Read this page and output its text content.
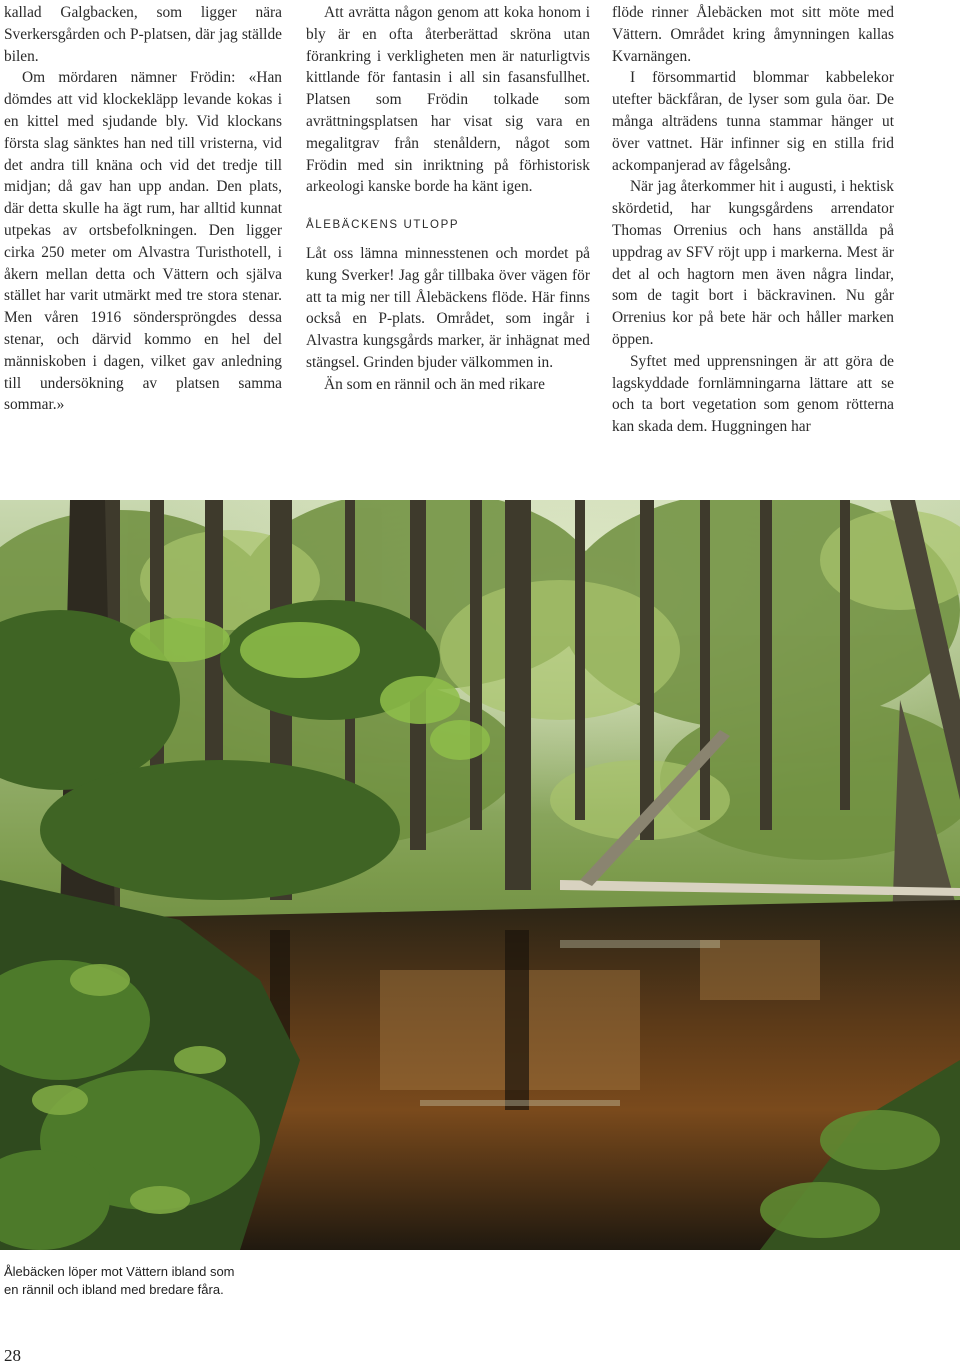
kallad Galgbacken, som ligger nära Sverkersgården och P-platsen, där jag ställde bilen.

Om mördaren nämner Frödin: «Han dömdes att vid klockekläpp levande kokas i en kittel med sjudande bly. Vid klockans första slag sänktes han ned till vristerna, vid det andra till knäna och vid det tredje till midjan; då gav han upp andan. Den plats, där detta skulle ha ägt rum, har alltid kunnat utpekas av ortsbefolkningen. Den ligger cirka 250 meter om Alvastra Turisthotell, i åkern mellan detta och Vättern och själva stället har varit utmärkt med tre stora stenar. Men våren 1916 sönderspröngdes dessa stenar, och därvid kommo en hel del människoben i dagen, vilket gav anledning till undersökning av platsen samma sommar.»

Att avrätta någon genom att koka honom i bly är en ofta återberättad skröna utan förankring i verkligheten men är naturligtvis kittlande för fantasin i all sin fasansfullhet. Platsen som Frödin tolkade som avrättningsplatsen har visat sig vara en megalitgrav från stenåldern, något som Frödin med sin inriktning på förhistorisk arkeologi kanske borde ha känt igen.

ÅLEBÄCKENS UTLOPP

Låt oss lämna minnesstenen och mordet på kung Sverker! Jag går tillbaka över vägen för att ta mig ner till Ålebäckens flöde. Här finns också en P-plats. Området, som ingår i Alvastra kungsgårds marker, är inhägnat med stängsel. Grinden bjuder välkommen in.

Än som en rännil och än med rikare

flöde rinner Ålebäcken mot sitt möte med Vättern. Området kring åmynningen kallas Kvarnängen.

I försommartid blommar kabbelekor utefter bäckfåran, de lyser som gula öar. De många alträdens tunna stammar hänger ut över vattnet. Här infinner sig en stilla frid ackompanjerad av fågelsång.

När jag återkommer hit i augusti, i hektisk skördetid, har kungsgårdens arrendator Thomas Orrenius och hans anställda på uppdrag av SFV röjt upp i markerna. Mest är det al och hagtorn men även några lindar, som de tagit bort i bäckravinen. Nu går Orrenius kor på bete här och håller marken öppen.

Syftet med upprensningen är att göra de lagskyddade fornlämningarna lättare att se och ta bort vegetation som genom rötterna kan skada dem. Huggningen har

Ålebäcken löper mot Vättern ibland som
en rännil och ibland med bredare fåra.
28
